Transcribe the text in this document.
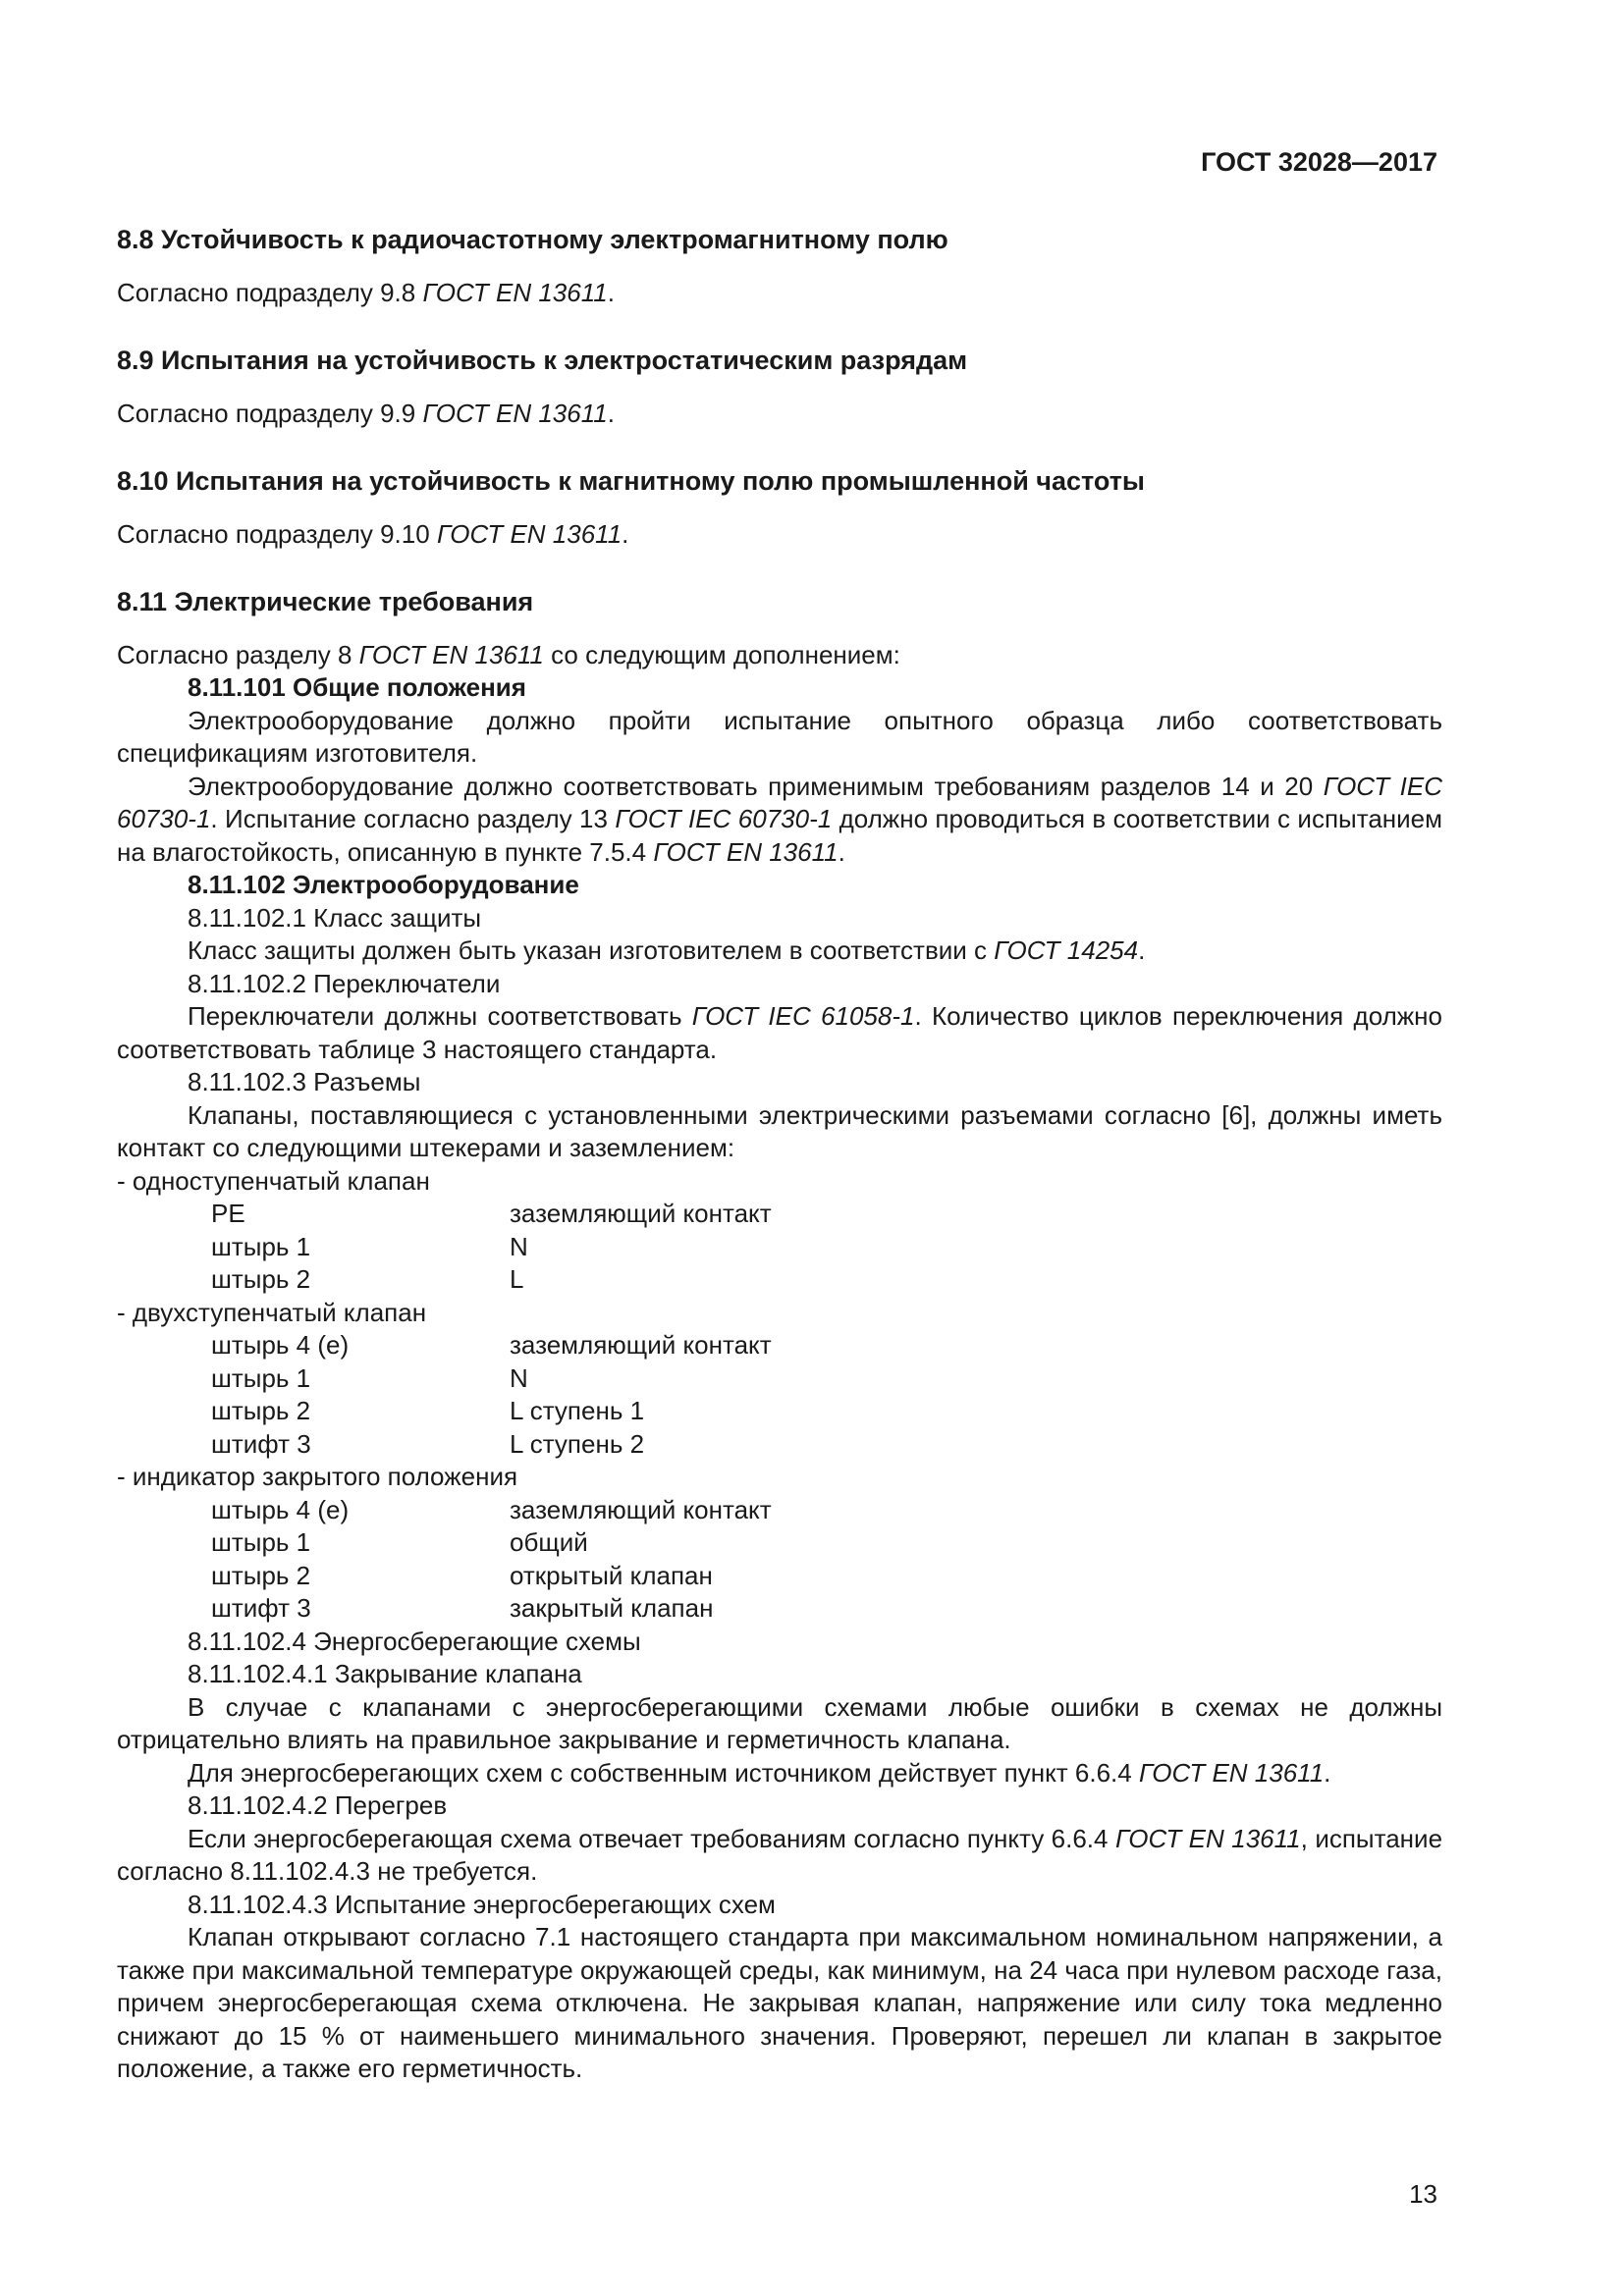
ГОСТ 32028—2017

8.8 Устойчивость к радиочастотному электромагнитному полю

Согласно подразделу 9.8 ГОСТ EN 13611.

8.9 Испытания на устойчивость к электростатическим разрядам

Согласно подразделу 9.9 ГОСТ EN 13611.

8.10 Испытания на устойчивость к магнитному полю промышленной частоты

Согласно подразделу 9.10 ГОСТ EN 13611.

8.11 Электрические требования

Согласно разделу 8 ГОСТ EN 13611 со следующим дополнением:

8.11.101 Общие положения

Электрооборудование должно пройти испытание опытного образца либо соответствовать спецификациям изготовителя.

Электрооборудование должно соответствовать применимым требованиям разделов 14 и 20 ГОСТ IEC 60730-1. Испытание согласно разделу 13 ГОСТ IEC 60730-1 должно проводиться в соответствии с испытанием на влагостойкость, описанную в пункте 7.5.4 ГОСТ EN 13611.

8.11.102 Электрооборудование

8.11.102.1 Класс защиты

Класс защиты должен быть указан изготовителем в соответствии с ГОСТ 14254.

8.11.102.2 Переключатели

Переключатели должны соответствовать ГОСТ IEC 61058-1. Количество циклов переключения должно соответствовать таблице 3 настоящего стандарта.

8.11.102.3 Разъемы

Клапаны, поставляющиеся с установленными электрическими разъемами согласно [6], должны иметь контакт со следующими штекерами и заземлением:

- одноступенчатый клапан

PE	заземляющий контакт
штырь 1	N
штырь 2	L

- двухступенчатый клапан

штырь 4 (e)	заземляющий контакт
штырь 1	N
штырь 2	L ступень 1
штифт 3	L ступень 2

- индикатор закрытого положения

штырь 4 (e)	заземляющий контакт
штырь 1	общий
штырь 2	открытый клапан
штифт 3	закрытый клапан

8.11.102.4 Энергосберегающие схемы

8.11.102.4.1 Закрывание клапана

В случае с клапанами с энергосберегающими схемами любые ошибки в схемах не должны отрицательно влиять на правильное закрывание и герметичность клапана.

Для энергосберегающих схем с собственным источником действует пункт 6.6.4 ГОСТ EN 13611.

8.11.102.4.2 Перегрев

Если энергосберегающая схема отвечает требованиям согласно пункту 6.6.4 ГОСТ EN 13611, испытание согласно 8.11.102.4.3 не требуется.

8.11.102.4.3 Испытание энергосберегающих схем

Клапан открывают согласно 7.1 настоящего стандарта при максимальном номинальном напряжении, а также при максимальной температуре окружающей среды, как минимум, на 24 часа при нулевом расходе газа, причем энергосберегающая схема отключена. Не закрывая клапан, напряжение или силу тока медленно снижают до 15 % от наименьшего минимального значения. Проверяют, перешел ли клапан в закрытое положение, а также его герметичность.

13
